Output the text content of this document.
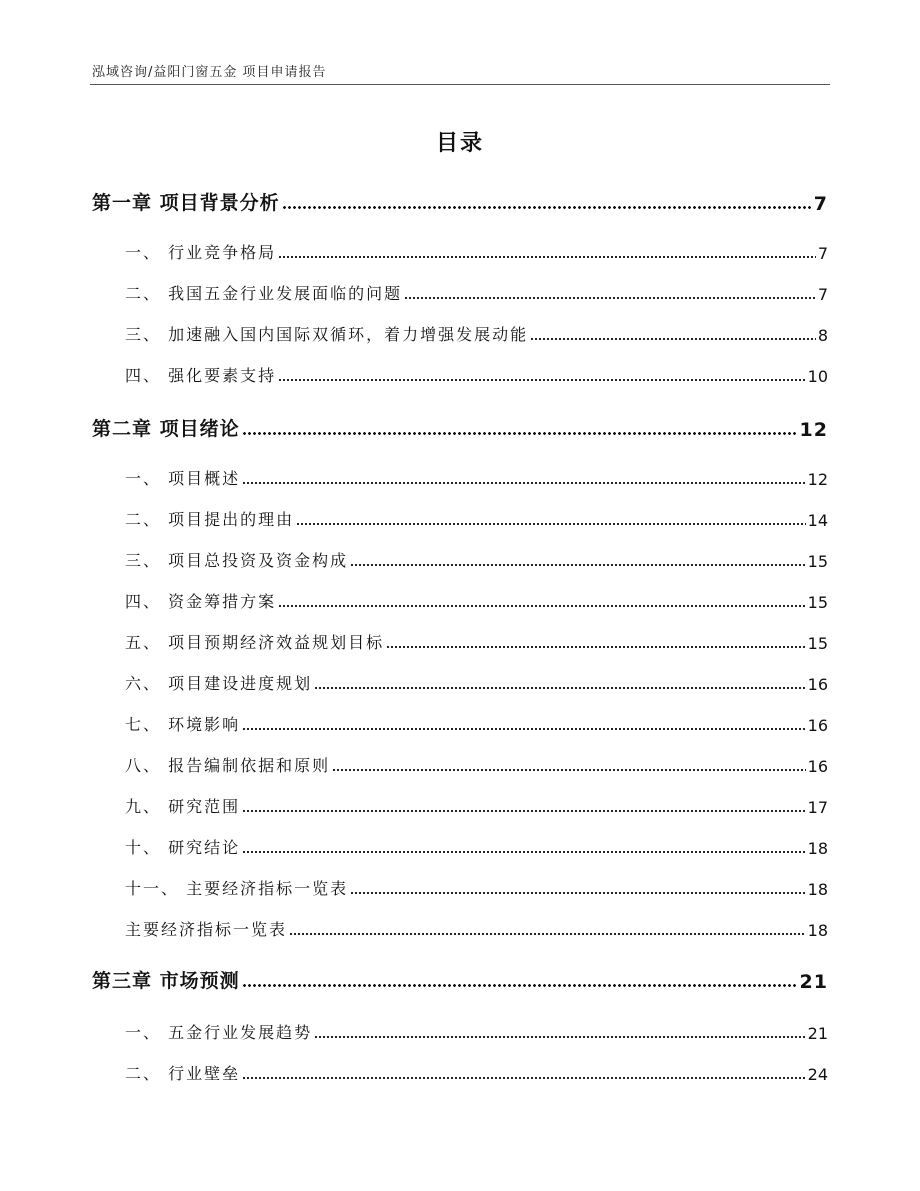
泓域咨询/益阳门窗五金 项目申请报告
目录
第一章 项目背景分析	7
一、 行业竞争格局	7
二、 我国五金行业发展面临的问题	7
三、 加速融入国内国际双循环，着力增强发展动能	8
四、 强化要素支持	10
第二章 项目绪论	12
一、 项目概述	12
二、 项目提出的理由	14
三、 项目总投资及资金构成	15
四、 资金筹措方案	15
五、 项目预期经济效益规划目标	15
六、 项目建设进度规划	16
七、 环境影响	16
八、 报告编制依据和原则	16
九、 研究范围	17
十、 研究结论	18
十一、 主要经济指标一览表	18
主要经济指标一览表	18
第三章 市场预测	21
一、 五金行业发展趋势	21
二、 行业壁垒	24
